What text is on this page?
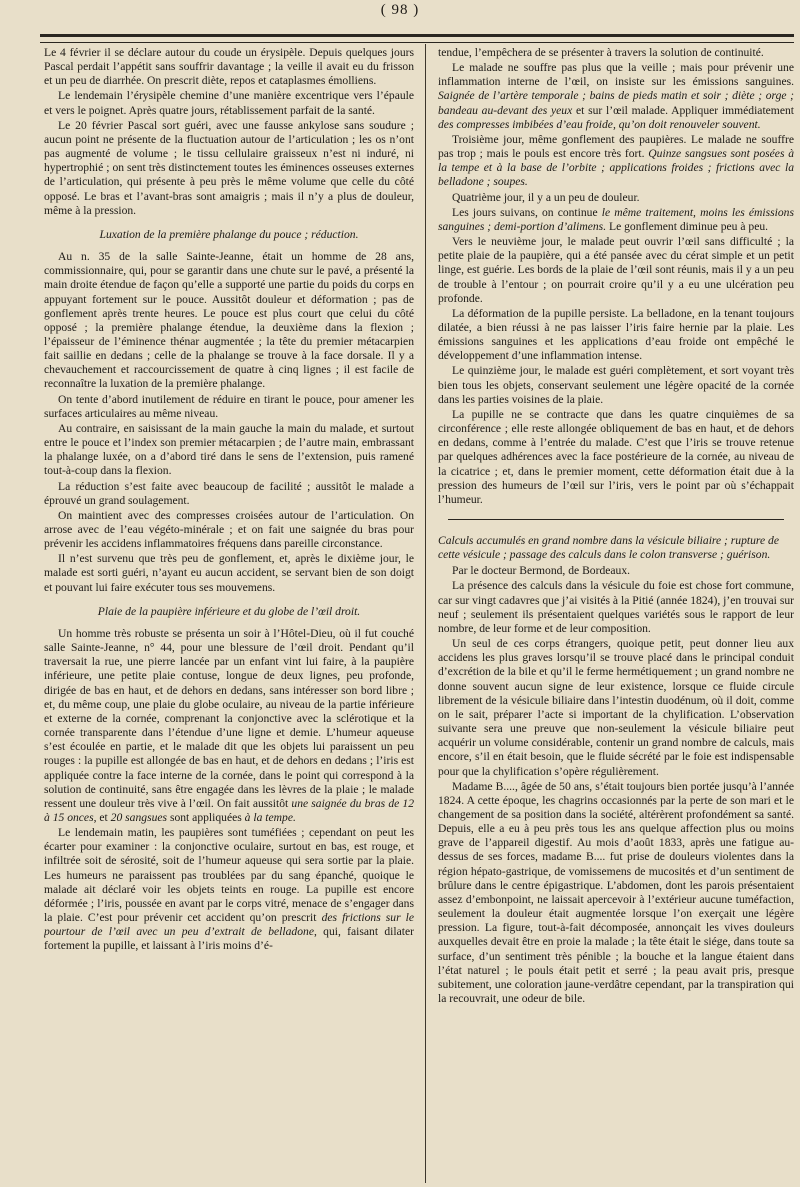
( 98 )

Le 4 février il se déclare autour du coude un érysipèle. Depuis quelques jours Pascal perdait l’appétit sans souffrir davantage ; la veille il avait eu du frisson et un peu de diarrhée. On prescrit diète, repos et cataplasmes émolliens.

Le lendemain l’érysipèle chemine d’une manière excentrique vers l’épaule et vers le poignet. Après quatre jours, rétablissement parfait de la santé.

Le 20 février Pascal sort guéri, avec une fausse ankylose sans soudure ; aucun point ne présente de la fluctuation autour de l’articulation ; les os n’ont pas augmenté de volume ; le tissu cellulaire graisseux n’est ni induré, ni hypertrophié ; on sent très distinctement toutes les éminences osseuses externes de l’articulation, qui présente à peu près le même volume que celle du côté opposé. Le bras et l’avant-bras sont amaigris ; mais il n’y a plus de douleur, même à la pression.

Luxation de la première phalange du pouce ; réduction.

Au n. 35 de la salle Sainte-Jeanne, était un homme de 28 ans, commissionnaire, qui, pour se garantir dans une chute sur le pavé, a présenté la main droite étendue de façon qu’elle a supporté une partie du poids du corps en appuyant fortement sur le pouce. Aussitôt douleur et déformation ; pas de gonflement après trente heures. Le pouce est plus court que celui du côté opposé ; la première phalange étendue, la deuxième dans la flexion ; l’épaisseur de l’éminence thénar augmentée ; la tête du premier métacarpien fait saillie en dedans ; celle de la phalange se trouve à la face dorsale. Il y a chevauchement et raccourcissement de quatre à cinq lignes ; il est facile de reconnaître la luxation de la première phalange.

On tente d’abord inutilement de réduire en tirant le pouce, pour amener les surfaces articulaires au même niveau.

Au contraire, en saisissant de la main gauche la main du malade, et surtout entre le pouce et l’index son premier métacarpien ; de l’autre main, embrassant la phalange luxée, on a d’abord tiré dans le sens de l’extension, puis ramené tout-à-coup dans la flexion.

La réduction s’est faite avec beaucoup de facilité ; aussitôt le malade a éprouvé un grand soulagement.

On maintient avec des compresses croisées autour de l’articulation. On arrose avec de l’eau végéto-minérale ; et on fait une saignée du bras pour prévenir les accidens inflammatoires fréquens dans pareille circonstance.

Il n’est survenu que très peu de gonflement, et, après le dixième jour, le malade est sorti guéri, n’ayant eu aucun accident, se servant bien de son doigt et pouvant lui faire exécuter tous ses mouvemens.

Plaie de la paupière inférieure et du globe de l’œil droit.

Un homme très robuste se présenta un soir à l’Hôtel-Dieu, où il fut couché salle Sainte-Jeanne, n° 44, pour une blessure de l’œil droit. Pendant qu’il traversait la rue, une pierre lancée par un enfant vint lui faire, à la paupière inférieure, une petite plaie contuse, longue de deux lignes, peu profonde, dirigée de bas en haut, et de dehors en dedans, sans intéresser son bord libre ; et, du même coup, une plaie du globe oculaire, au niveau de la partie inférieure et externe de la cornée, comprenant la conjonctive avec la sclérotique et la cornée transparente dans l’étendue d’une ligne et demie. L’humeur aqueuse s’est écoulée en partie, et le malade dit que les objets lui paraissent un peu rouges : la pupille est allongée de bas en haut, et de dehors en dedans ; l’iris est appliquée contre la face interne de la cornée, dans le point qui correspond à la solution de continuité, sans être engagée dans les lèvres de la plaie ; le malade ressent une douleur très vive à l’œil. On fait aussitôt une saignée du bras de 12 à 15 onces, et 20 sangsues sont appliquées à la tempe.

Le lendemain matin, les paupières sont tuméfiées ; cependant on peut les écarter pour examiner : la conjonctive oculaire, surtout en bas, est rouge, et infiltrée soit de sérosité, soit de l’humeur aqueuse qui sera sortie par la plaie. Les humeurs ne paraissent pas troublées par du sang épanché, quoique le malade ait déclaré voir les objets teints en rouge. La pupille est encore déformée ; l’iris, poussée en avant par le corps vitré, menace de s’engager dans la plaie. C’est pour prévenir cet accident qu’on prescrit des frictions sur le pourtour de l’œil avec un peu d’extrait de belladone, qui, faisant dilater fortement la pupille, et laissant à l’iris moins d’é-

tendue, l’empêchera de se présenter à travers la solution de continuité.

Le malade ne souffre pas plus que la veille ; mais pour prévenir une inflammation interne de l’œil, on insiste sur les émissions sanguines. Saignée de l’artère temporale ; bains de pieds matin et soir ; diète ; orge ; bandeau au-devant des yeux et sur l’œil malade. Appliquer immédiatement des compresses imbibées d’eau froide, qu’on doit renouveler souvent.

Troisième jour, même gonflement des paupières. Le malade ne souffre pas trop ; mais le pouls est encore très fort. Quinze sangsues sont posées à la tempe et à la base de l’orbite ; applications froides ; frictions avec la belladone ; soupes.

Quatrième jour, il y a un peu de douleur.

Les jours suivans, on continue le même traitement, moins les émissions sanguines ; demi-portion d’alimens. Le gonflement diminue peu à peu.

Vers le neuvième jour, le malade peut ouvrir l’œil sans difficulté ; la petite plaie de la paupière, qui a été pansée avec du cérat simple et un petit linge, est guérie. Les bords de la plaie de l’œil sont réunis, mais il y a un peu de trouble à l’entour ; on pourrait croire qu’il y a eu une ulcération peu profonde.

La déformation de la pupille persiste. La belladone, en la tenant toujours dilatée, a bien réussi à ne pas laisser l’iris faire hernie par la plaie. Les émissions sanguines et les applications d’eau froide ont empêché le développement d’une inflammation intense.

Le quinzième jour, le malade est guéri complètement, et sort voyant très bien tous les objets, conservant seulement une légère opacité de la cornée dans les parties voisines de la plaie.

La pupille ne se contracte que dans les quatre cinquièmes de sa circonférence ; elle reste allongée obliquement de bas en haut, et de dehors en dedans, comme à l’entrée du malade. C’est que l’iris se trouve retenue par quelques adhérences avec la face postérieure de la cornée, au niveau de la cicatrice ; et, dans le premier moment, cette déformation était due à la pression des humeurs de l’œil sur l’iris, vers le point par où s’échappait l’humeur.

Calculs accumulés en grand nombre dans la vésicule biliaire ; rupture de cette vésicule ; passage des calculs dans le colon transverse ; guérison.

Par le docteur Bermond, de Bordeaux.

La présence des calculs dans la vésicule du foie est chose fort commune, car sur vingt cadavres que j’ai visités à la Pitié (année 1824), j’en trouvai sur neuf ; seulement ils présentaient quelques variétés sous le rapport de leur nombre, de leur forme et de leur composition.

Un seul de ces corps étrangers, quoique petit, peut donner lieu aux accidens les plus graves lorsqu’il se trouve placé dans le principal conduit d’excrétion de la bile et qu’il le ferme hermétiquement ; un grand nombre ne donne souvent aucun signe de leur existence, lorsque ce fluide circule librement de la vésicule biliaire dans l’intestin duodénum, où il doit, comme on le sait, préparer l’acte si important de la chylification. L’observation suivante sera une preuve que non-seulement la vésicule biliaire peut acquérir un volume considérable, contenir un grand nombre de calculs, mais encore, s’il en était besoin, que le fluide sécrété par le foie est indispensable pour que la chylification s’opère régulièrement.

Madame B...., âgée de 50 ans, s’était toujours bien portée jusqu’à l’année 1824. A cette époque, les chagrins occasionnés par la perte de son mari et le changement de sa position dans la société, altérèrent profondément sa santé. Depuis, elle a eu à peu près tous les ans quelque affection plus ou moins grave de l’appareil digestif. Au mois d’août 1833, après une fatigue au-dessus de ses forces, madame B.... fut prise de douleurs violentes dans la région hépato-gastrique, de vomissemens de mucosités et d’un sentiment de brûlure dans le centre épigastrique. L’abdomen, dont les parois présentaient assez d’embonpoint, ne laissait apercevoir à l’extérieur aucune tuméfaction, seulement la douleur était augmentée lorsque l’on exerçait une légère pression. La figure, tout-à-fait décomposée, annonçait les vives douleurs auxquelles devait être en proie la malade ; la tête était le siége, dans toute sa surface, d’un sentiment très pénible ; la bouche et la langue étaient dans l’état naturel ; le pouls était petit et serré ; la peau avait pris, presque subitement, une coloration jaune-verdâtre cependant, par la transpiration qui la recouvrait, une odeur de bile.
